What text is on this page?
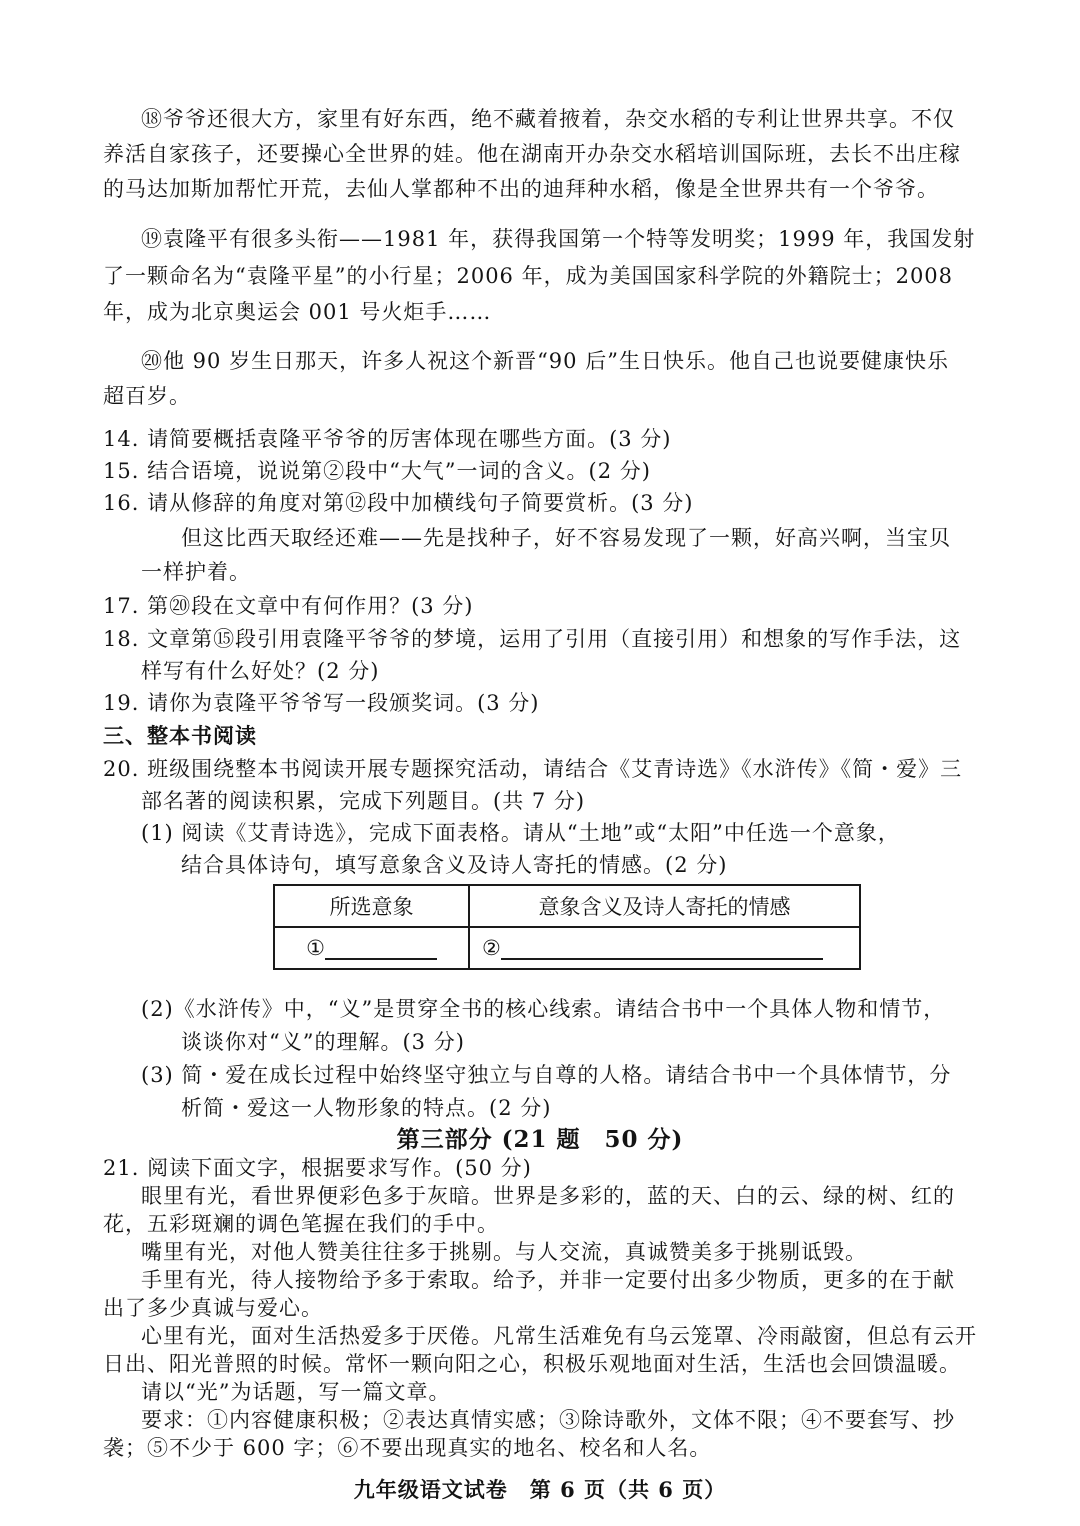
⑱爷爷还很大方，家里有好东西，绝不藏着掖着，杂交水稻的专利让世界共享。不仅
养活自家孩子，还要操心全世界的娃。他在湖南开办杂交水稻培训国际班，去长不出庄稼
的马达加斯加帮忙开荒，去仙人掌都种不出的迪拜种水稻，像是全世界共有一个爷爷。
⑲袁隆平有很多头衔——1981 年，获得我国第一个特等发明奖；1999 年，我国发射
了一颗命名为“袁隆平星”的小行星；2006 年，成为美国国家科学院的外籍院士；2008
年，成为北京奥运会 001 号火炬手……
⑳他 90 岁生日那天，许多人祝这个新晋“90 后”生日快乐。他自己也说要健康快乐
超百岁。
14. 请简要概括袁隆平爷爷的厉害体现在哪些方面。(3 分)
15. 结合语境，说说第②段中“大气”一词的含义。(2 分)
16. 请从修辞的角度对第⑫段中加横线句子简要赏析。(3 分)
但这比西天取经还难——先是找种子，好不容易发现了一颗，好高兴啊，当宝贝
一样护着。
17. 第⑳段在文章中有何作用？(3 分)
18. 文章第⑮段引用袁隆平爷爷的梦境，运用了引用（直接引用）和想象的写作手法，这
样写有什么好处？(2 分)
19. 请你为袁隆平爷爷写一段颁奖词。(3 分)
三、整本书阅读
20. 班级围绕整本书阅读开展专题探究活动，请结合《艾青诗选》《水浒传》《简・爱》三
部名著的阅读积累，完成下列题目。(共 7 分)
(1) 阅读《艾青诗选》，完成下面表格。请从“土地”或“太阳”中任选一个意象，
结合具体诗句，填写意象含义及诗人寄托的情感。(2 分)
所选意象	意象含义及诗人寄托的情感
①	②
(2)《水浒传》中，“义”是贯穿全书的核心线索。请结合书中一个具体人物和情节，
谈谈你对“义”的理解。(3 分)
(3) 简・爱在成长过程中始终坚守独立与自尊的人格。请结合书中一个具体情节，分
析简・爱这一人物形象的特点。(2 分)
第三部分 (21 题　50 分)
21. 阅读下面文字，根据要求写作。(50 分)
眼里有光，看世界便彩色多于灰暗。世界是多彩的，蓝的天、白的云、绿的树、红的
花，五彩斑斓的调色笔握在我们的手中。
嘴里有光，对他人赞美往往多于挑剔。与人交流，真诚赞美多于挑剔诋毁。
手里有光，待人接物给予多于索取。给予，并非一定要付出多少物质，更多的在于献
出了多少真诚与爱心。
心里有光，面对生活热爱多于厌倦。凡常生活难免有乌云笼罩、冷雨敲窗，但总有云开
日出、阳光普照的时候。常怀一颗向阳之心，积极乐观地面对生活，生活也会回馈温暖。
请以“光”为话题，写一篇文章。
九年级语文试卷　第 6 页（共 6 页）
要求：①内容健康积极；②表达真情实感；③除诗歌外，文体不限；④不要套写、抄
袭；⑤不少于 600 字；⑥不要出现真实的地名、校名和人名。
